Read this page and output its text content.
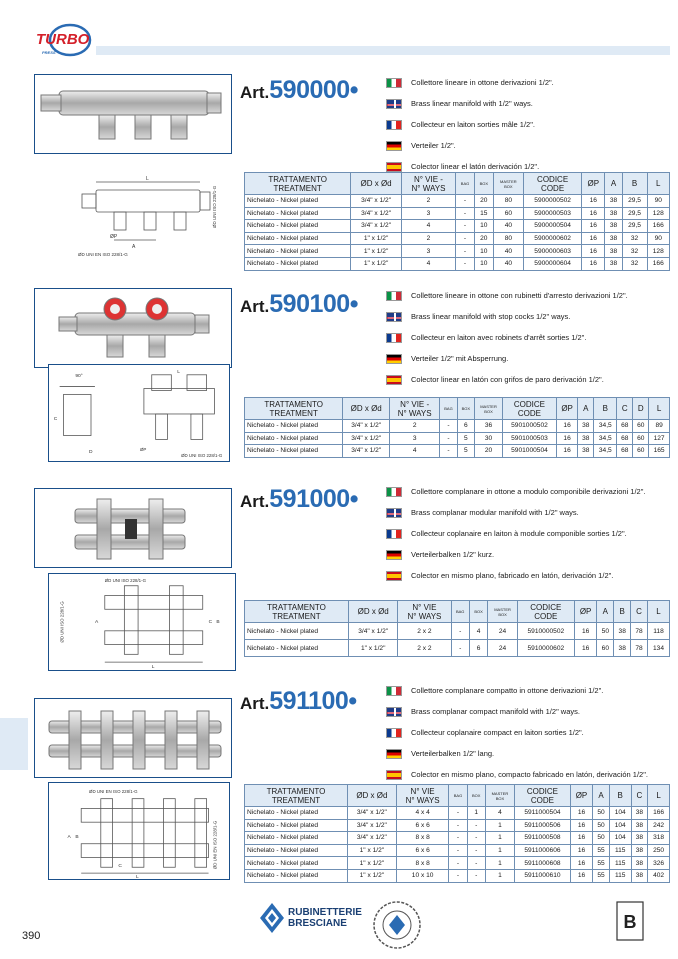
TURBO
PRESS
L
A
ØP
ØD UNI EN ISO 228/1-G
ØD UNI ISO 228/1-G
Art.590000•	Collettore lineare in ottone derivazioni 1/2".
Brass linear manifold with 1/2" ways.
Collecteur en laiton sorties mâle 1/2".
Verteiler 1/2".
Colector linear el latón derivación 1/2".
TRATTAMENTO
TREATMENT	ØD x Ød	N° VIE -
N° WAYS	BAG	BOX	MASTER
BOX	CODICE
CODE	ØP	A	B	L
Nichelato - Nickel plated	3/4" x 1/2"	2	-	20	80	5900000502	16	38	29,5	90
Nichelato - Nickel plated	3/4" x 1/2"	3	-	15	60	5900000503	16	38	29,5	128
Nichelato - Nickel plated	3/4" x 1/2"	4	-	10	40	5900000504	16	38	29,5	166
Nichelato - Nickel plated	1" x 1/2"	2	-	20	80	5900000602	16	38	32	90
Nichelato - Nickel plated	1" x 1/2"	3	-	10	40	5900000603	16	38	32	128
Nichelato - Nickel plated	1" x 1/2"	4	-	10	40	5900000604	16	38	32	166
90°
C
D
L
ØP
ØD UNI ISO 228/1-G
Art.590100•	Collettore lineare in ottone con rubinetti d'arresto derivazioni 1/2".
Brass linear manifold with stop cocks 1/2" ways.
Collecteur en laiton avec robinets d'arrêt sorties 1/2".
Verteiler 1/2" mit Absperrung.
Colector linear en latón con grifos de paro derivación 1/2".
TRATTAMENTO
TREATMENT	ØD x Ød	N° VIE -
N° WAYS	BAG	BOX	MASTER
BOX	CODICE
CODE	ØP	A	B	C	D	L
Nichelato - Nickel plated	3/4" x 1/2"	2	-	6	36	5901000502	16	38	34,5	68	60	89
Nichelato - Nickel plated	3/4" x 1/2"	3	-	5	30	5901000503	16	38	34,5	68	60	127
Nichelato - Nickel plated	3/4" x 1/2"	4	-	5	20	5901000504	16	38	34,5	68	60	165
ØD UNI ISO 228/1-G
ØD UNI ISO 228/1-G
L
C B
A
Art.591000•	Collettore complanare in ottone a modulo componibile derivazioni 1/2".
Brass complanar modular manifold with 1/2" ways.
Collecteur coplanaire en laiton à module componible sorties 1/2".
Verteilerbalken 1/2" kurz.
Colector en mismo plano, fabricado en latón, derivación 1/2".
TRATTAMENTO
TREATMENT	ØD x Ød	N° VIE
N° WAYS	BAG	BOX	MASTER
BOX	CODICE
CODE	ØP	A	B	C	L
Nichelato - Nickel plated	3/4" x 1/2"	2 x 2	-	4	24	5910000502	16	50	38	78	118
Nichelato - Nickel plated	1" x 1/2"	2 x 2	-	6	24	5910000602	16	60	38	78	134
ØD UNI EN ISO 228/1-G
ØD UNI EN ISO 228/1-G
A B
L
C
Art.591100•	Collettore complanare compatto in ottone derivazioni 1/2".
Brass complanar compact manifold with 1/2" ways.
Collecteur coplanaire compact en laiton sorties 1/2".
Verteilerbalken 1/2" lang.
Colector en mismo plano, compacto fabricado en latón, derivación 1/2".
TRATTAMENTO
TREATMENT	ØD x Ød	N° VIE
N° WAYS	BAG	BOX	MASTER
BOX	CODICE
CODE	ØP	A	B	C	L
Nichelato - Nickel plated	3/4" x 1/2"	4 x 4	-	1	4	5911000504	16	50	104	38	166
Nichelato - Nickel plated	3/4" x 1/2"	6 x 6	-	-	1	5911000506	16	50	104	38	242
Nichelato - Nickel plated	3/4" x 1/2"	8 x 8	-	-	1	5911000508	16	50	104	38	318
Nichelato - Nickel plated	1" x 1/2"	6 x 6	-	-	1	5911000606	16	55	115	38	250
Nichelato - Nickel plated	1" x 1/2"	8 x 8	-	-	1	5911000608	16	55	115	38	326
Nichelato - Nickel plated	1" x 1/2"	10 x 10	-	-	1	5911000610	16	55	115	38	402
390
RUBINETTERIE
BRESCIANE	B
